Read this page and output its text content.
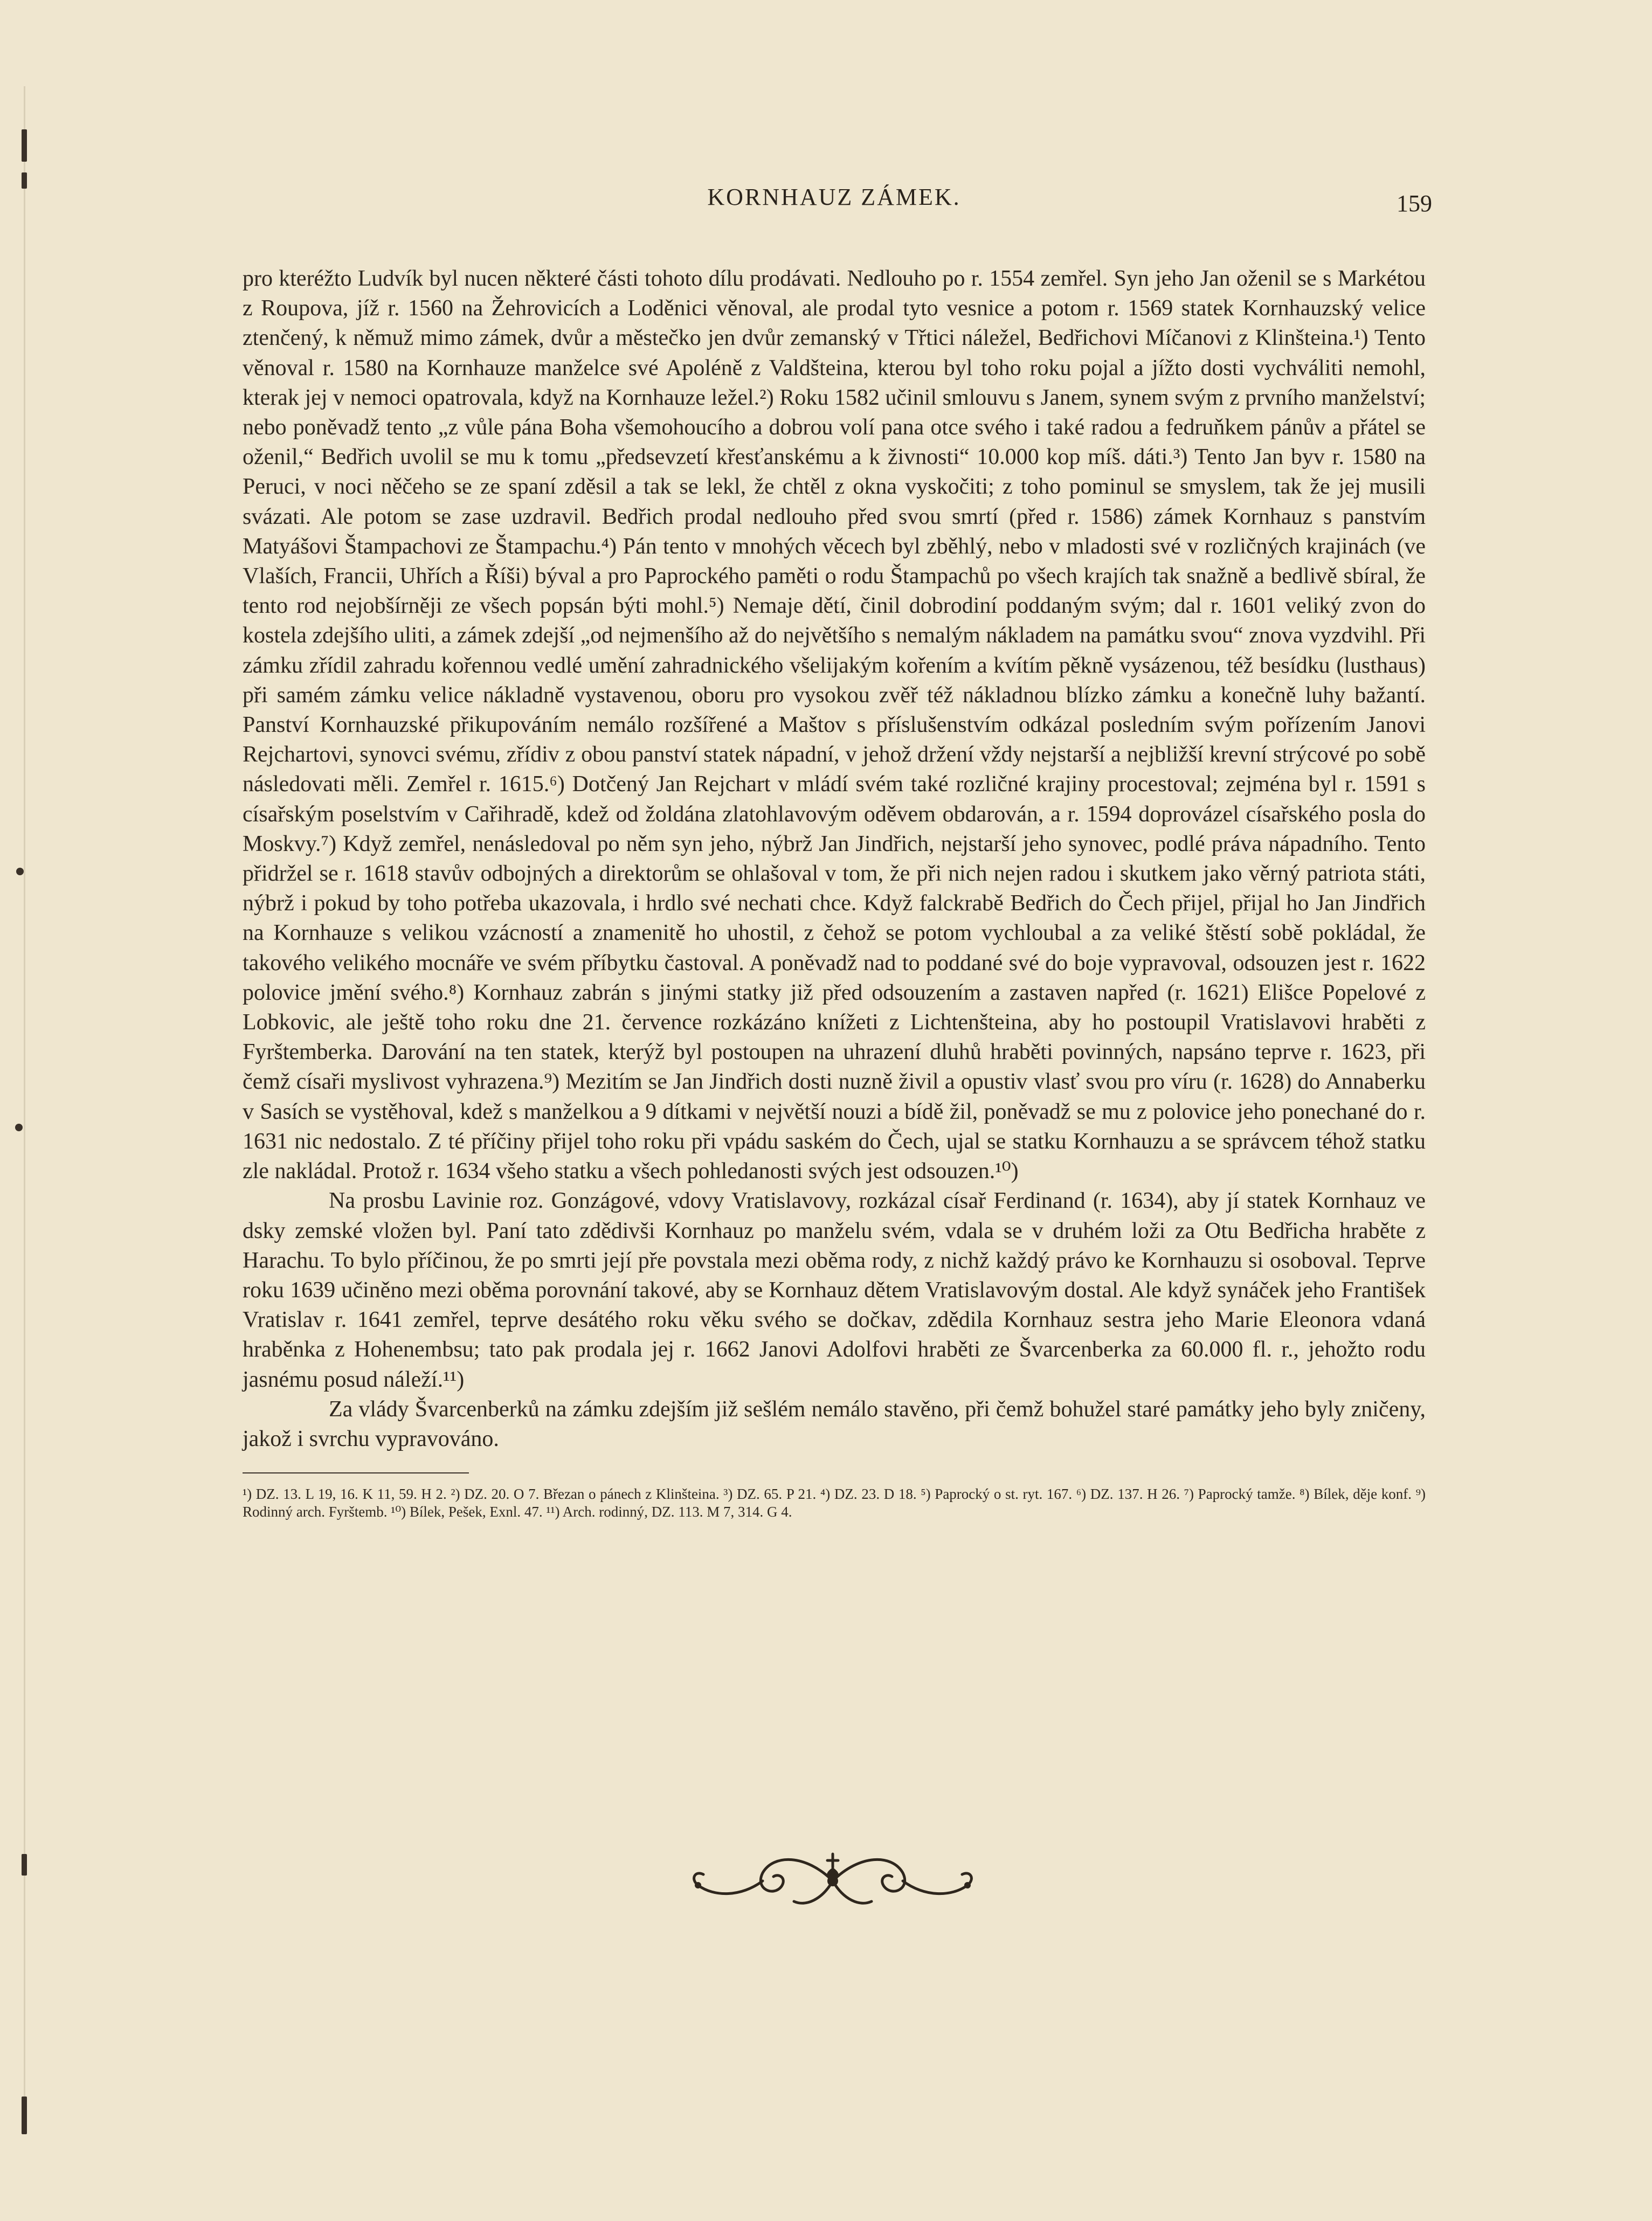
KORNHAUZ ZÁMEK.	159

pro kteréžto Ludvík byl nucen některé části tohoto dílu prodávati. Nedlouho po r. 1554 zemřel. Syn jeho Jan oženil se s Markétou z Roupova, jíž r. 1560 na Žehrovicích a Loděnici věnoval, ale prodal tyto vesnice a potom r. 1569 statek Kornhauzský velice ztenčený, k němuž mimo zámek, dvůr a městečko jen dvůr zemanský v Třtici náležel, Bedřichovi Míčanovi z Klinšteina.¹) Tento věnoval r. 1580 na Kornhauze manželce své Apoléně z Valdšteina, kterou byl toho roku pojal a jížto dosti vychváliti nemohl, kterak jej v nemoci opatrovala, když na Kornhauze ležel.²) Roku 1582 učinil smlouvu s Janem, synem svým z prvního manželství; nebo poněvadž tento „z vůle pána Boha všemohoucího a dobrou volí pana otce svého i také radou a fedruňkem pánův a přátel se oženil,“ Bedřich uvolil se mu k tomu „předsevzetí křesťanskému a k živnosti“ 10.000 kop míš. dáti.³) Tento Jan byv r. 1580 na Peruci, v noci něčeho se ze spaní zděsil a tak se lekl, že chtěl z okna vyskočiti; z toho pominul se smyslem, tak že jej musili svázati. Ale potom se zase uzdravil. Bedřich prodal nedlouho před svou smrtí (před r. 1586) zámek Kornhauz s panstvím Matyášovi Štampachovi ze Štampachu.⁴) Pán tento v mnohých věcech byl zběhlý, nebo v mladosti své v rozličných krajinách (ve Vlaších, Francii, Uhřích a Říši) býval a pro Paprockého paměti o rodu Štampachů po všech krajích tak snažně a bedlivě sbíral, že tento rod nejobšírněji ze všech popsán býti mohl.⁵) Nemaje dětí, činil dobrodiní poddaným svým; dal r. 1601 veliký zvon do kostela zdejšího uliti, a zámek zdejší „od nejmenšího až do největšího s nemalým nákladem na památku svou“ znova vyzdvihl. Při zámku zřídil zahradu kořennou vedlé umění zahradnického všelijakým kořením a kvítím pěkně vysázenou, též besídku (lusthaus) při samém zámku velice nákladně vystavenou, oboru pro vysokou zvěř též nákladnou blízko zámku a konečně luhy bažantí. Panství Kornhauzské přikupováním nemálo rozšířené a Maštov s příslušenstvím odkázal posledním svým pořízením Janovi Rejchartovi, synovci svému, zřídiv z obou panství statek nápadní, v jehož držení vždy nejstarší a nejbližší krevní strýcové po sobě následovati měli. Zemřel r. 1615.⁶) Dotčený Jan Rejchart v mládí svém také rozličné krajiny procestoval; zejména byl r. 1591 s císařským poselstvím v Cařihradě, kdež od žoldána zlatohlavovým oděvem obdarován, a r. 1594 doprovázel císařského posla do Moskvy.⁷) Když zemřel, nenásledoval po něm syn jeho, nýbrž Jan Jindřich, nejstarší jeho synovec, podlé práva nápadního. Tento přidržel se r. 1618 stavův odbojných a direktorům se ohlašoval v tom, že při nich nejen radou i skutkem jako věrný patriota státi, nýbrž i pokud by toho potřeba ukazovala, i hrdlo své nechati chce. Když falckrabě Bedřich do Čech přijel, přijal ho Jan Jindřich na Kornhauze s velikou vzácností a znamenitě ho uhostil, z čehož se potom vychloubal a za veliké štěstí sobě pokládal, že takového velikého mocnáře ve svém příbytku častoval. A poněvadž nad to poddané své do boje vypravoval, odsouzen jest r. 1622 polovice jmění svého.⁸) Kornhauz zabrán s jinými statky již před odsouzením a zastaven napřed (r. 1621) Elišce Popelové z Lobkovic, ale ještě toho roku dne 21. července rozkázáno knížeti z Lichtenšteina, aby ho postoupil Vratislavovi hraběti z Fyrštemberka. Darování na ten statek, kterýž byl postoupen na uhrazení dluhů hraběti povinných, napsáno teprve r. 1623, při čemž císaři myslivost vyhrazena.⁹) Mezitím se Jan Jindřich dosti nuzně živil a opustiv vlasť svou pro víru (r. 1628) do Annaberku v Sasích se vystěhoval, kdež s manželkou a 9 dítkami v největší nouzi a bídě žil, poněvadž se mu z polovice jeho ponechané do r. 1631 nic nedostalo. Z té příčiny přijel toho roku při vpádu saském do Čech, ujal se statku Kornhauzu a se správcem téhož statku zle nakládal. Protož r. 1634 všeho statku a všech pohledanosti svých jest odsouzen.¹⁰)

Na prosbu Lavinie roz. Gonzágové, vdovy Vratislavovy, rozkázal císař Ferdinand (r. 1634), aby jí statek Kornhauz ve dsky zemské vložen byl. Paní tato zdědivši Kornhauz po manželu svém, vdala se v druhém loži za Otu Bedřicha hraběte z Harachu. To bylo příčinou, že po smrti její pře povstala mezi oběma rody, z nichž každý právo ke Kornhauzu si osoboval. Teprve roku 1639 učiněno mezi oběma porovnání takové, aby se Kornhauz dětem Vratislavovým dostal. Ale když synáček jeho František Vratislav r. 1641 zemřel, teprve desátého roku věku svého se dočkav, zdědila Kornhauz sestra jeho Marie Eleonora vdaná hraběnka z Hohenembsu; tato pak prodala jej r. 1662 Janovi Adolfovi hraběti ze Švarcenberka za 60.000 fl. r., jehožto rodu jasnému posud náleží.¹¹)

Za vlády Švarcenberků na zámku zdejším již sešlém nemálo stavěno, při čemž bohužel staré památky jeho byly zničeny, jakož i svrchu vypravováno.

¹) DZ. 13. L 19, 16. K 11, 59. H 2. ²) DZ. 20. O 7. Březan o pánech z Klinšteina. ³) DZ. 65. P 21. ⁴) DZ. 23. D 18. ⁵) Paprocký o st. ryt. 167. ⁶) DZ. 137. H 26. ⁷) Paprocký tamže. ⁸) Bílek, děje konf. ⁹) Rodinný arch. Fyrštemb. ¹⁰) Bílek, Pešek, Exnl. 47. ¹¹) Arch. rodinný, DZ. 113. M 7, 314. G 4.
